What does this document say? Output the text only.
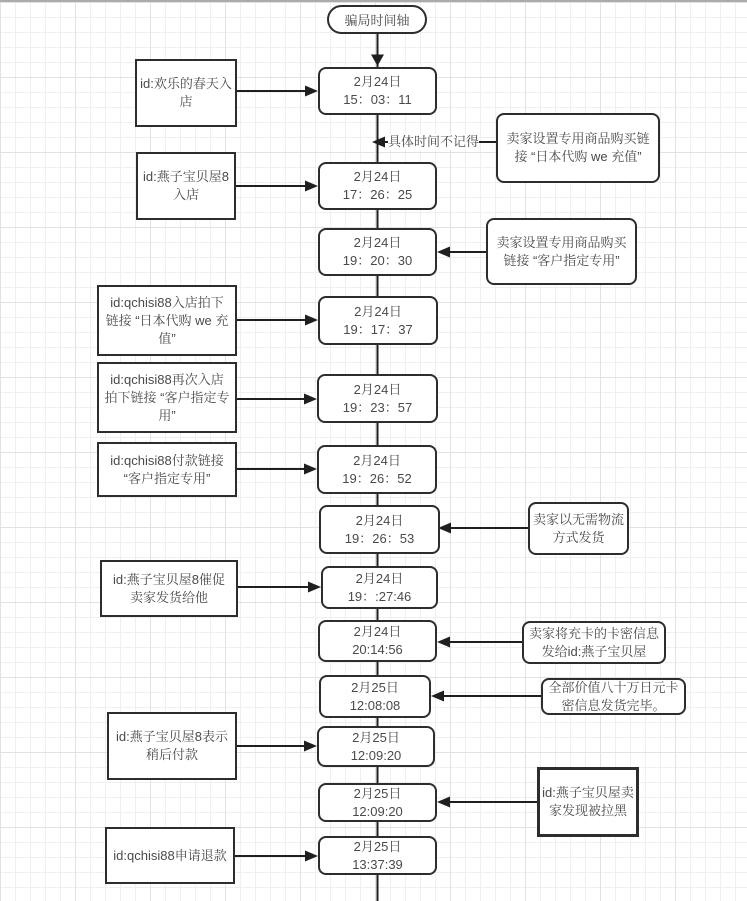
骗局时间轴
具体时间不记得
2月24日
15：03：11
2月24日
17：26：25
2月24日
19：20：30
2月24日
19：17：37
2月24日
19：23：57
2月24日
19：26：52
2月24日
19：26：53
2月24日
19：:27:46
2月24日
20:14:56
2月25日
12:08:08
2月25日
12:09:20
2月25日
12:09:20
2月25日
13:37:39
id:欢乐的春天入店
id:燕子宝贝屋8入店
id:qchisi88入店拍下链接 “日本代购 we 充值”
id:qchisi88再次入店拍下链接 “客户指定专用”
id:qchisi88付款链接 “客户指定专用”
id:燕子宝贝屋8催促卖家发货给他
id:燕子宝贝屋8表示稍后付款
id:qchisi88申请退款
卖家设置专用商品购买链接 “日本代购 we 充值”
卖家设置专用商品购买链接 “客户指定专用”
卖家以无需物流方式发货
卖家将充卡的卡密信息发给id:燕子宝贝屋
全部价值八十万日元卡密信息发货完毕。
id:燕子宝贝屋卖家发现被拉黑
